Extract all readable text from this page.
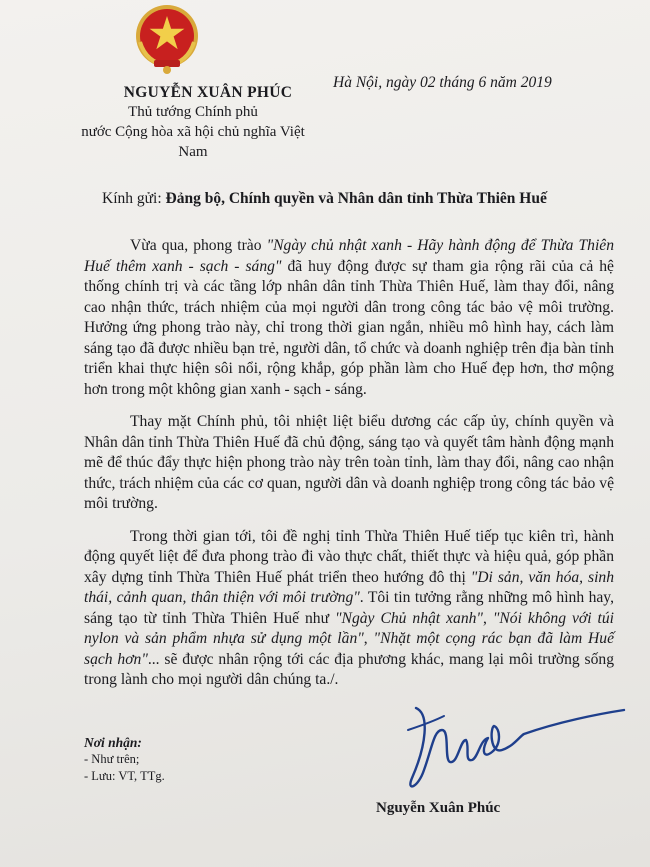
NGUYỄN XUÂN PHÚC
Thủ tướng Chính phủ
nước Cộng hòa xã hội chủ nghĩa Việt Nam
Hà Nội, ngày 02 tháng 6 năm 2019
Kính gửi: Đảng bộ, Chính quyền và Nhân dân tỉnh Thừa Thiên Huế

Vừa qua, phong trào "Ngày chủ nhật xanh - Hãy hành động để Thừa Thiên Huế thêm xanh - sạch - sáng" đã huy động được sự tham gia rộng rãi của cả hệ thống chính trị và các tầng lớp nhân dân tỉnh Thừa Thiên Huế, làm thay đổi, nâng cao nhận thức, trách nhiệm của mọi người dân trong công tác bảo vệ môi trường. Hưởng ứng phong trào này, chỉ trong thời gian ngắn, nhiều mô hình hay, cách làm sáng tạo đã được nhiều bạn trẻ, người dân, tổ chức và doanh nghiệp trên địa bàn tỉnh triển khai thực hiện sôi nổi, rộng khắp, góp phần làm cho Huế đẹp hơn, thơ mộng hơn trong một không gian xanh - sạch - sáng.

Thay mặt Chính phủ, tôi nhiệt liệt biểu dương các cấp ủy, chính quyền và Nhân dân tỉnh Thừa Thiên Huế đã chủ động, sáng tạo và quyết tâm hành động mạnh mẽ để thúc đẩy thực hiện phong trào này trên toàn tỉnh, làm thay đổi, nâng cao nhận thức, trách nhiệm của các cơ quan, người dân và doanh nghiệp trong công tác bảo vệ môi trường.

Trong thời gian tới, tôi đề nghị tỉnh Thừa Thiên Huế tiếp tục kiên trì, hành động quyết liệt để đưa phong trào đi vào thực chất, thiết thực và hiệu quả, góp phần xây dựng tỉnh Thừa Thiên Huế phát triển theo hướng đô thị "Di sản, văn hóa, sinh thái, cảnh quan, thân thiện với môi trường". Tôi tin tưởng rằng những mô hình hay, sáng tạo từ tỉnh Thừa Thiên Huế như "Ngày Chủ nhật xanh", "Nói không với túi nylon và sản phẩm nhựa sử dụng một lần", "Nhặt một cọng rác bạn đã làm Huế sạch hơn"... sẽ được nhân rộng tới các địa phương khác, mang lại môi trường sống trong lành cho mọi người dân chúng ta./.

Nơi nhận:
- Như trên;
- Lưu: VT, TTg.
Nguyễn Xuân Phúc
